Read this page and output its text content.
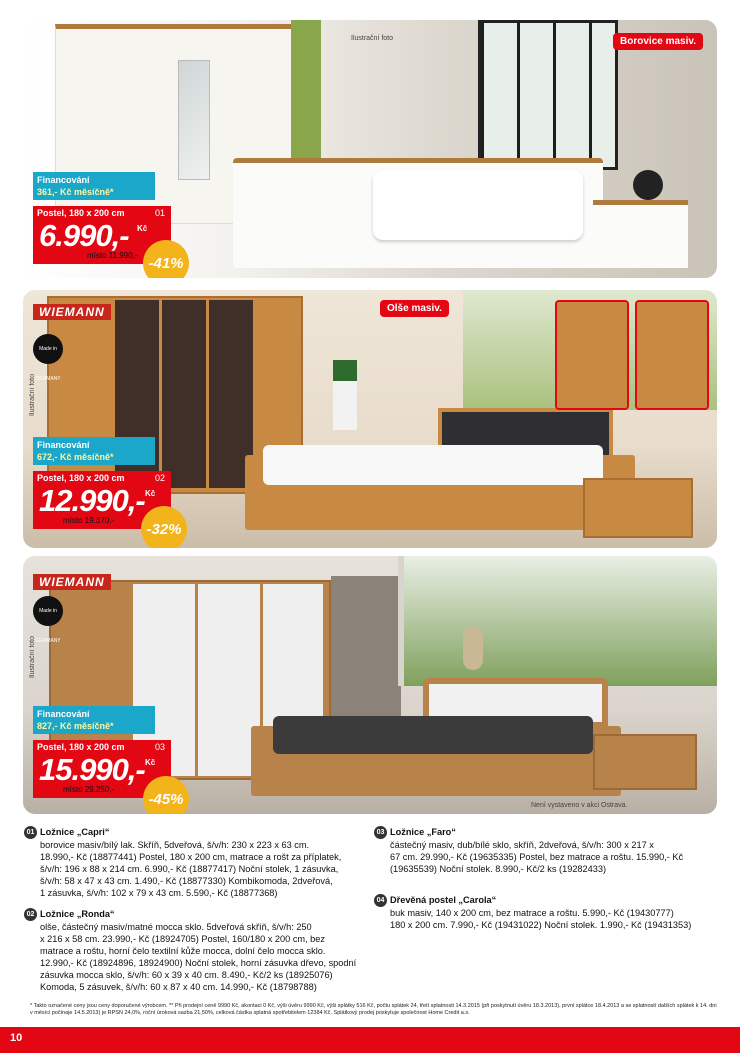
Ilustrační foto	Borovice masiv.
Financování
361,- Kč měsíčně*
Postel, 180 x 200 cm	01
6.990,- Kč
místo 11.990,- -41%
WIEMANN
Made in GERMANY
Ilustrační foto
Olše masiv.
Financování
672,- Kč měsíčně*
Postel, 180 x 200 cm	02
12.990,- Kč
místo 19.370,-	-32%
WIEMANN
Made in GERMANY
Ilustrační foto
Financování
827,- Kč měsíčně*
Postel, 180 x 200 cm	03
15.990,- Kč
místo 29.250,-
-45%	Není vystaveno v akci Ostrava.
01 Ložnice „Capri“
borovice masiv/bílý lak. Skříň, 5dveřová, š/v/h: 230 x 223 x 63 cm.
18.990,- Kč (18877441) Postel, 180 x 200 cm, matrace a rošt za příplatek,
š/v/h: 196 x 88 x 214 cm. 6.990,- Kč (18877417) Noční stolek, 1 zásuvka,
š/v/h: 58 x 47 x 43 cm. 1.490,- Kč (18877330) Kombikomoda, 2dveřová,
1 zásuvka, š/v/h: 102 x 79 x 43 cm. 5.590,- Kč (18877368)
02 Ložnice „Ronda“
olše, částečný masiv/matné mocca sklo. 5dveřová skříň, š/v/h: 250
x 216 x 58 cm. 23.990,- Kč (18924705) Postel, 160/180 x 200 cm, bez
matrace a roštu, horní čelo textilní kůže mocca, dolní čelo mocca sklo.
12.990,- Kč (18924896, 18924900) Noční stolek, horní zásuvka dřevo, spodní
zásuvka mocca sklo, š/v/h: 60 x 39 x 40 cm. 8.490,- Kč/2 ks (18925076)
Komoda, 5 zásuvek, š/v/h: 60 x 87 x 40 cm. 14.990,- Kč (18798788)
03 Ložnice „Faro“
částečný masiv, dub/bílé sklo, skříň, 2dveřová, š/v/h: 300 x 217 x
67 cm. 29.990,- Kč (19635335) Postel, bez matrace a roštu. 15.990,- Kč
(19635539) Noční stolek. 8.990,- Kč/2 ks (19282433)
04 Dřevěná postel „Carola“
buk masiv, 140 x 200 cm, bez matrace a roštu. 5.990,- Kč (19430777)
180 x 200 cm. 7.990,- Kč (19431022) Noční stolek. 1.990,- Kč (19431353)
* Takto označené ceny jsou ceny doporučené výrobcem. ** Při prodejní ceně 9990 Kč, akontaci 0 Kč, výši úvěru 9990 Kč, výši splátky 516 Kč, počtu splátek 24, třetí splatnosti 14.3.2015 (při poskytnutí úvěru 18.3.2013), první splátce 18.4.2013 a se splatností dalších splátek k 14. dni v měsíci počínaje 14.5.2013) je RPSN 24,0%, roční úroková sazba 21,50%, celková částka splatná spotřebitelem 12384 Kč. Splátkový prodej poskytuje společnost Home Credit a.s.
10
